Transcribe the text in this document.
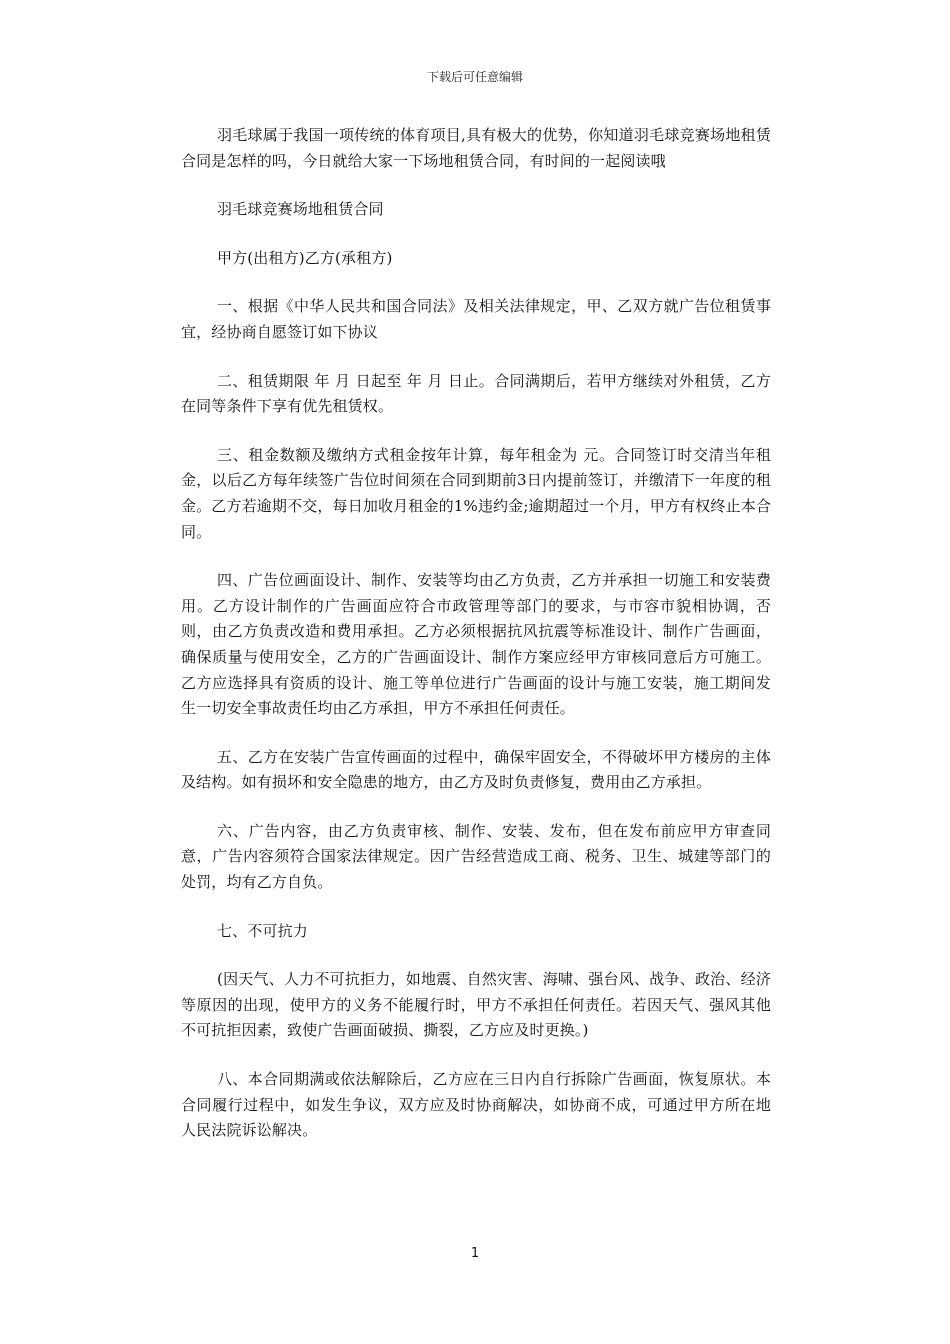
下载后可任意编辑

羽毛球属于我国一项传统的体育项目,具有极大的优势，你知道羽毛球竞赛场地租赁合同是怎样的吗，今日就给大家一下场地租赁合同，有时间的一起阅读哦

羽毛球竞赛场地租赁合同

甲方(出租方)乙方(承租方)

一、根据《中华人民共和国合同法》及相关法律规定，甲、乙双方就广告位租赁事宜，经协商自愿签订如下协议

二、租赁期限 年 月 日起至 年 月 日止。合同满期后，若甲方继续对外租赁，乙方在同等条件下享有优先租赁权。

三、租金数额及缴纳方式租金按年计算，每年租金为 元。合同签订时交清当年租金，以后乙方每年续签广告位时间须在合同到期前3日内提前签订，并缴清下一年度的租金。乙方若逾期不交，每日加收月租金的1%违约金;逾期超过一个月，甲方有权终止本合同。

四、广告位画面设计、制作、安装等均由乙方负责，乙方并承担一切施工和安装费用。乙方设计制作的广告画面应符合市政管理等部门的要求，与市容市貌相协调，否则，由乙方负责改造和费用承担。乙方必须根据抗风抗震等标准设计、制作广告画面，确保质量与使用安全，乙方的广告画面设计、制作方案应经甲方审核同意后方可施工。乙方应选择具有资质的设计、施工等单位进行广告画面的设计与施工安装，施工期间发生一切安全事故责任均由乙方承担，甲方不承担任何责任。

五、乙方在安装广告宣传画面的过程中，确保牢固安全，不得破坏甲方楼房的主体及结构。如有损坏和安全隐患的地方，由乙方及时负责修复，费用由乙方承担。

六、广告内容，由乙方负责审核、制作、安装、发布，但在发布前应甲方审查同意，广告内容须符合国家法律规定。因广告经营造成工商、税务、卫生、城建等部门的处罚，均有乙方自负。

七、不可抗力

(因天气、人力不可抗拒力，如地震、自然灾害、海啸、强台风、战争、政治、经济等原因的出现，使甲方的义务不能履行时，甲方不承担任何责任。若因天气、强风其他不可抗拒因素，致使广告画面破损、撕裂，乙方应及时更换。)

八、本合同期满或依法解除后，乙方应在三日内自行拆除广告画面，恢复原状。本合同履行过程中，如发生争议，双方应及时协商解决，如协商不成，可通过甲方所在地人民法院诉讼解决。

1
